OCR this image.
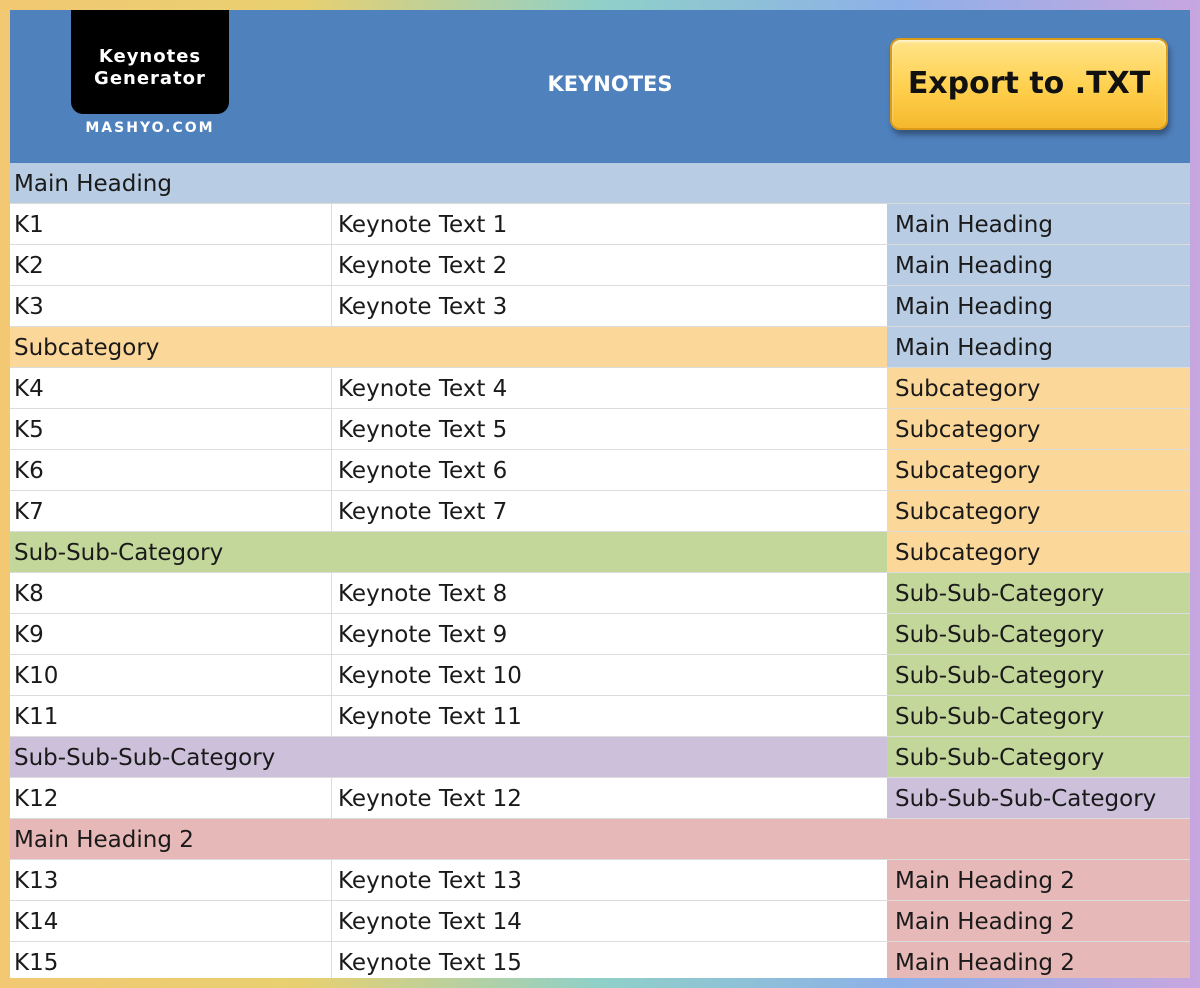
Keynotes
Generator
MASHYO.COM
KEYNOTES	Export to .TXT
Main Heading
K1	Keynote Text 1	Main Heading
K2	Keynote Text 2	Main Heading
K3	Keynote Text 3	Main Heading
Subcategory	Main Heading
K4	Keynote Text 4	Subcategory
K5	Keynote Text 5	Subcategory
K6	Keynote Text 6	Subcategory
K7	Keynote Text 7	Subcategory
Sub-Sub-Category	Subcategory
K8	Keynote Text 8	Sub-Sub-Category
K9	Keynote Text 9	Sub-Sub-Category
K10	Keynote Text 10	Sub-Sub-Category
K11	Keynote Text 11	Sub-Sub-Category
Sub-Sub-Sub-Category	Sub-Sub-Category
K12	Keynote Text 12	Sub-Sub-Sub-Category
Main Heading 2
K13	Keynote Text 13	Main Heading 2
K14	Keynote Text 14	Main Heading 2
K15	Keynote Text 15	Main Heading 2
